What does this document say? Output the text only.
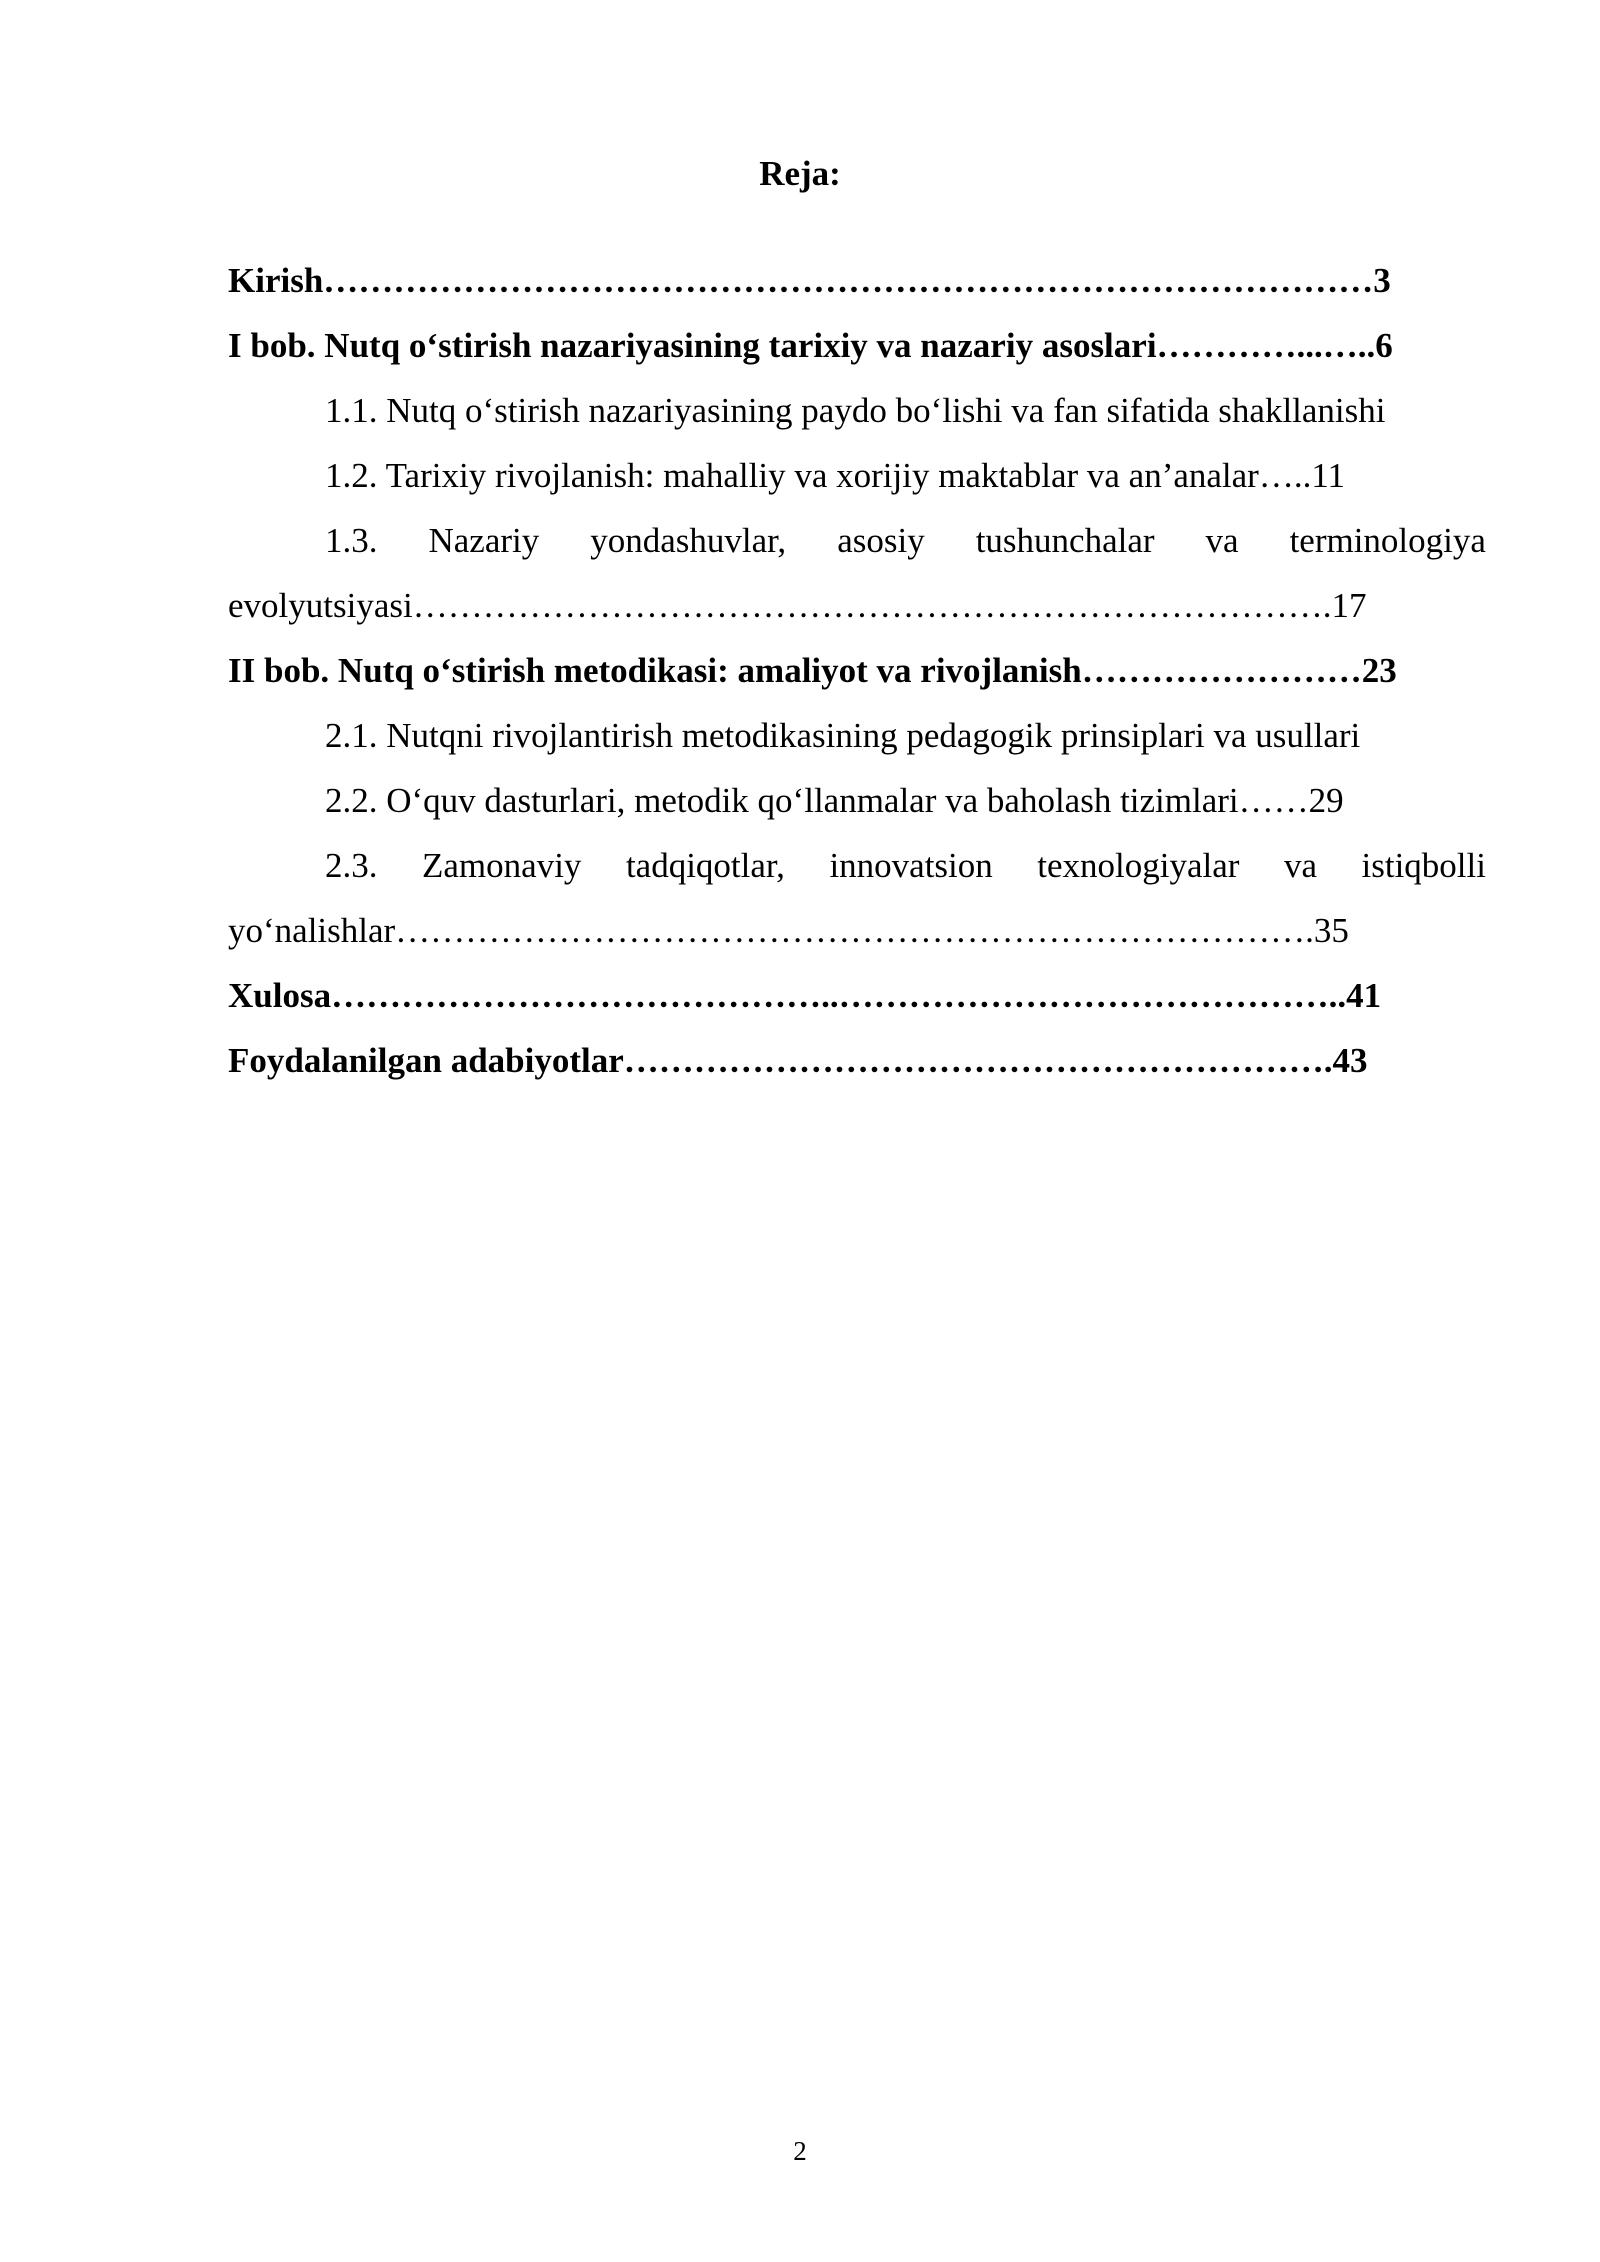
Reja:
Kirish………………………………………………………………………………3
I bob. Nutq o‘stirish nazariyasining tarixiy va nazariy asoslari…………...…..6
1.1. Nutq o‘stirish nazariyasining paydo bo‘lishi va fan sifatida shakllanishi
1.2. Tarixiy rivojlanish: mahalliy va xorijiy maktablar va an’analar…..11
1.3. Nazariy yondashuvlar, asosiy tushunchalar va terminologiya
evolyutsiyasi…………………………………………………………………….17
II bob. Nutq o‘stirish metodikasi: amaliyot va rivojlanish……………………23
2.1. Nutqni rivojlantirish metodikasining pedagogik prinsiplari va usullari
2.2. O‘quv dasturlari, metodik qo‘llanmalar va baholash tizimlari……29
2.3. Zamonaviy tadqiqotlar, innovatsion texnologiyalar va istiqbolli
yo‘nalishlar…………………………………………………………………….35
Xulosa……………………………………..……………………………………..41
Foydalanilgan adabiyotlar…………………………………………………….43
2
